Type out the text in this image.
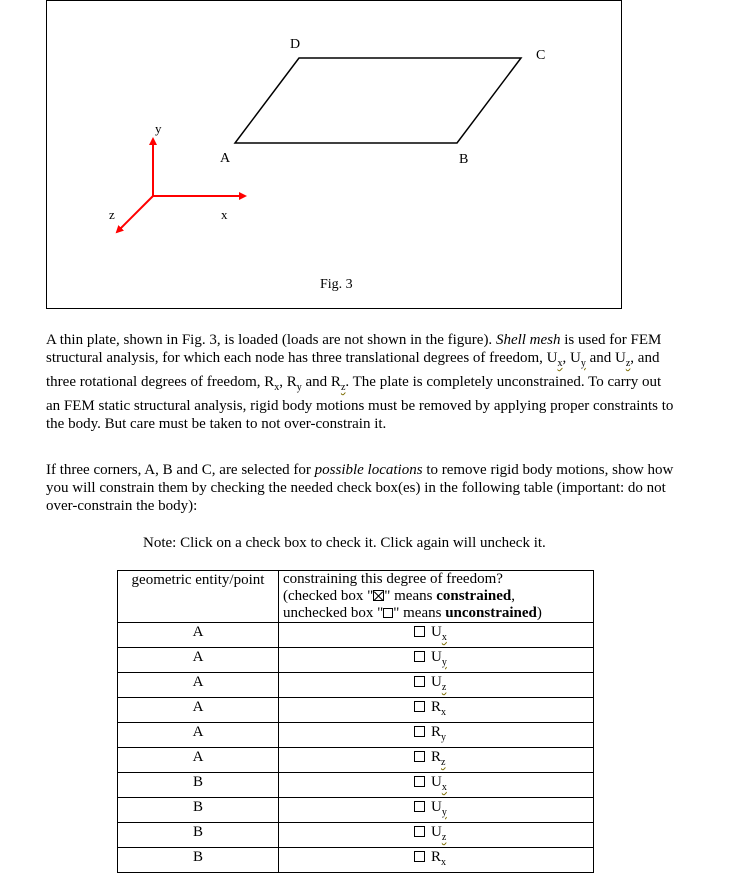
D
C
A	B
y
x
z
Fig. 3

A thin plate, shown in Fig. 3, is loaded (loads are not shown in the figure). Shell mesh is used for FEM structural analysis, for which each node has three translational degrees of freedom, $U_x$, $U_y$ and $U_z$, and three rotational degrees of freedom, $R_x$, $R_y$ and $R_z$. The plate is completely unconstrained. To carry out an FEM static structural analysis, rigid body motions must be removed by applying proper constraints to the body. But care must be taken to not over-constrain it.

If three corners, A, B and C, are selected for possible locations to remove rigid body motions, show how you will constrain them by checking the needed check box(es) in the following table (important: do not over-constrain the body):

Note: Click on a check box to check it. Click again will uncheck it.
geometric entity/point	constraining this degree of freedom?
(checked box " " means constrained,
unchecked box " " means unconstrained)

A	$U_x$
A	$U_y$
A	$U_z$
A	$R_x$
A	$R_y$
A	$R_z$
B	$U_x$
B	$U_y$
B	$U_z$
B	$R_x$
